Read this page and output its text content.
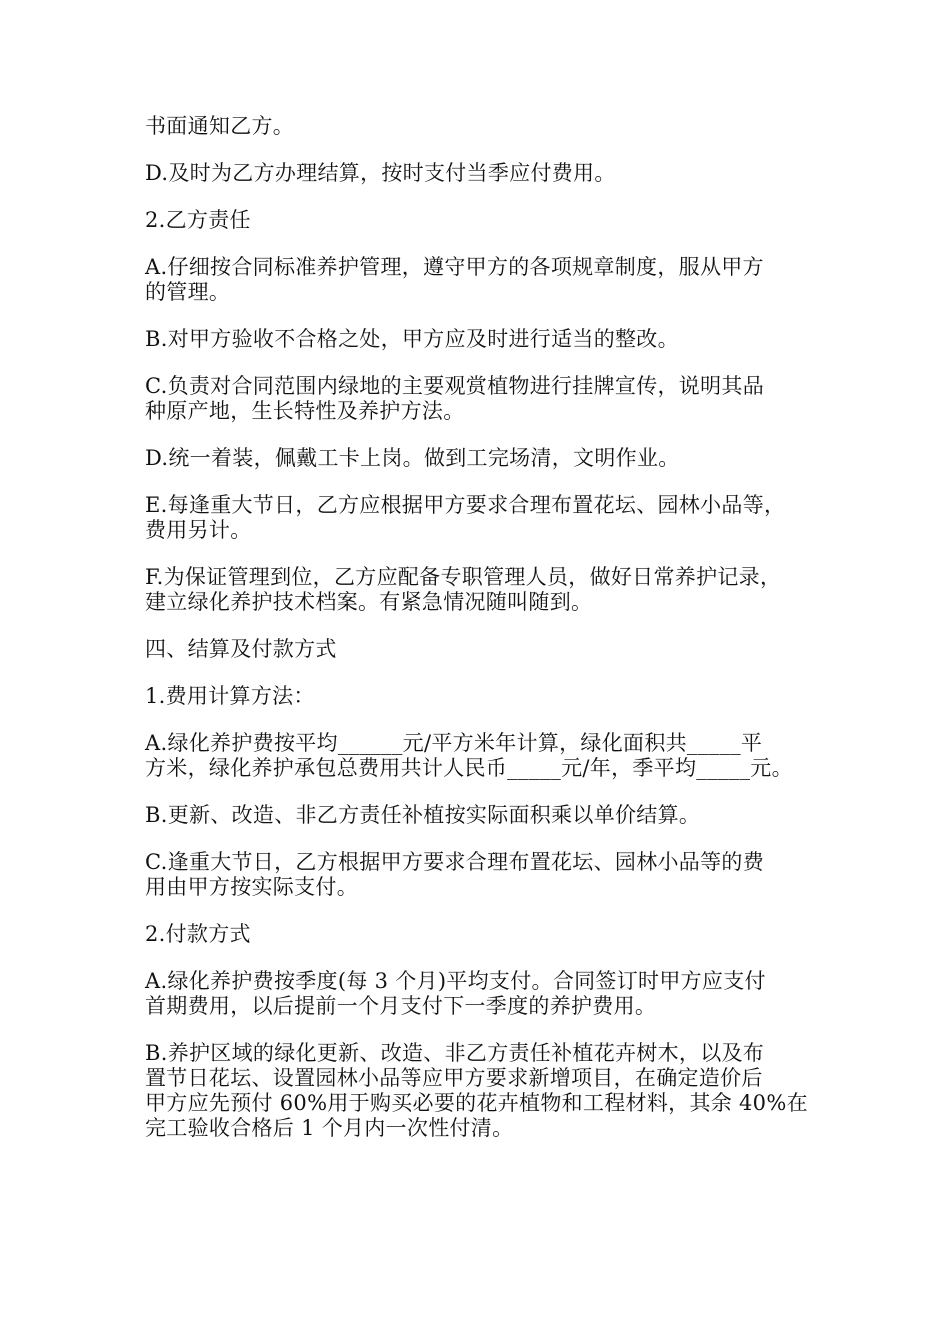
书面通知乙方。

D.及时为乙方办理结算，按时支付当季应付费用。

2.乙方责任

A.仔细按合同标准养护管理，遵守甲方的各项规章制度，服从甲方
的管理。

B.对甲方验收不合格之处，甲方应及时进行适当的整改。

C.负责对合同范围内绿地的主要观赏植物进行挂牌宣传，说明其品
种原产地，生长特性及养护方法。

D.统一着装，佩戴工卡上岗。做到工完场清，文明作业。

E.每逢重大节日，乙方应根据甲方要求合理布置花坛、园林小品等，
费用另计。

F.为保证管理到位，乙方应配备专职管理人员，做好日常养护记录，
建立绿化养护技术档案。有紧急情况随叫随到。

四、结算及付款方式

1.费用计算方法：

A.绿化养护费按平均______元/平方米年计算，绿化面积共_____平
方米，绿化养护承包总费用共计人民币_____元/年，季平均_____元。

B.更新、改造、非乙方责任补植按实际面积乘以单价结算。

C.逢重大节日，乙方根据甲方要求合理布置花坛、园林小品等的费
用由甲方按实际支付。

2.付款方式

A.绿化养护费按季度(每 3 个月)平均支付。合同签订时甲方应支付
首期费用，以后提前一个月支付下一季度的养护费用。

B.养护区域的绿化更新、改造、非乙方责任补植花卉树木，以及布
置节日花坛、设置园林小品等应甲方要求新增项目，在确定造价后
甲方应先预付 60%用于购买必要的花卉植物和工程材料，其余 40%在
完工验收合格后 1 个月内一次性付清。
